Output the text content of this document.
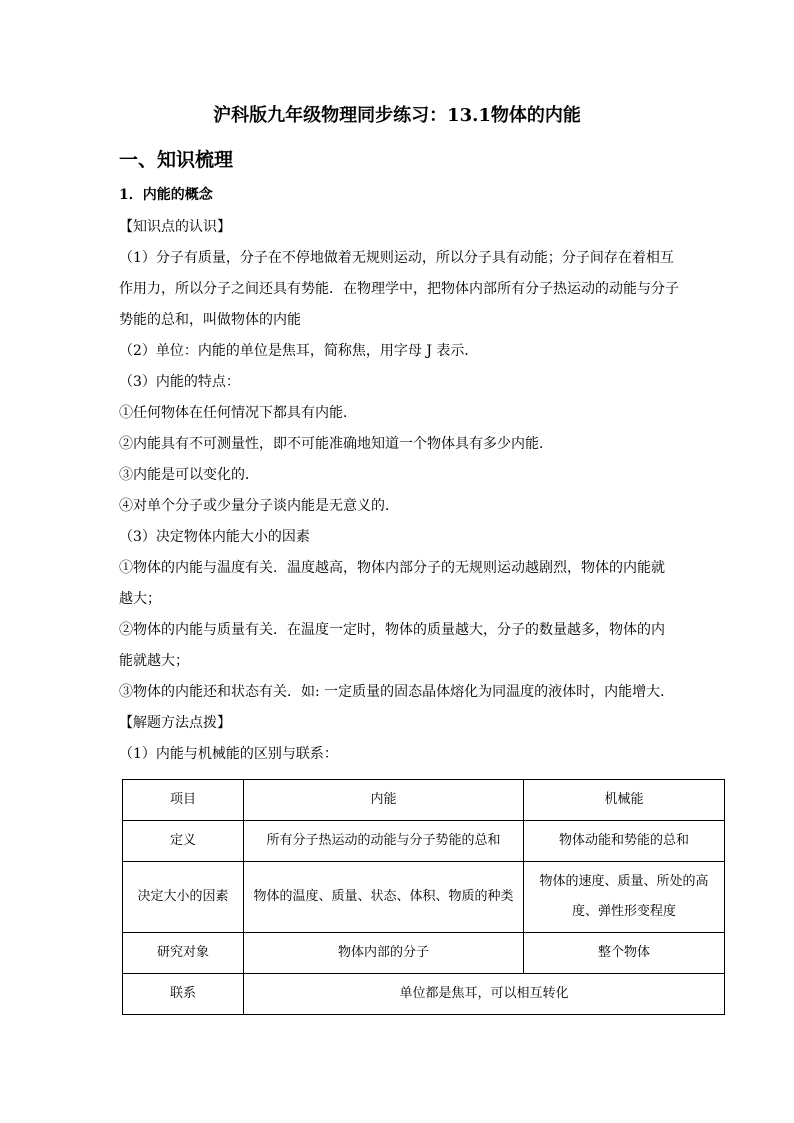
沪科版九年级物理同步练习：13.1物体的内能
一、知识梳理
1．内能的概念
【知识点的认识】
（1）分子有质量，分子在不停地做着无规则运动，所以分子具有动能；分子间存在着相互
作用力，所以分子之间还具有势能．在物理学中，把物体内部所有分子热运动的动能与分子
势能的总和，叫做物体的内能
（2）单位：内能的单位是焦耳，简称焦，用字母 J 表示．
（3）内能的特点：
①任何物体在任何情况下都具有内能．
②内能具有不可测量性，即不可能准确地知道一个物体具有多少内能．
③内能是可以变化的．
④对单个分子或少量分子谈内能是无意义的．
（3）决定物体内能大小的因素
①物体的内能与温度有关．温度越高，物体内部分子的无规则运动越剧烈，物体的内能就
越大；
②物体的内能与质量有关．在温度一定时，物体的质量越大，分子的数量越多，物体的内
能就越大；
③物体的内能还和状态有关．如: 一定质量的固态晶体熔化为同温度的液体时，内能增大．
【解题方法点拨】
（1）内能与机械能的区别与联系：
项目	内能	机械能
定义	所有分子热运动的动能与分子势能的总和	物体动能和势能的总和
决定大小的因素	物体的温度、质量、状态、体积、物质的种类	物体的速度、质量、所处的高度、弹性形变程度
研究对象	物体内部的分子	整个物体
联系	单位都是焦耳，可以相互转化	
